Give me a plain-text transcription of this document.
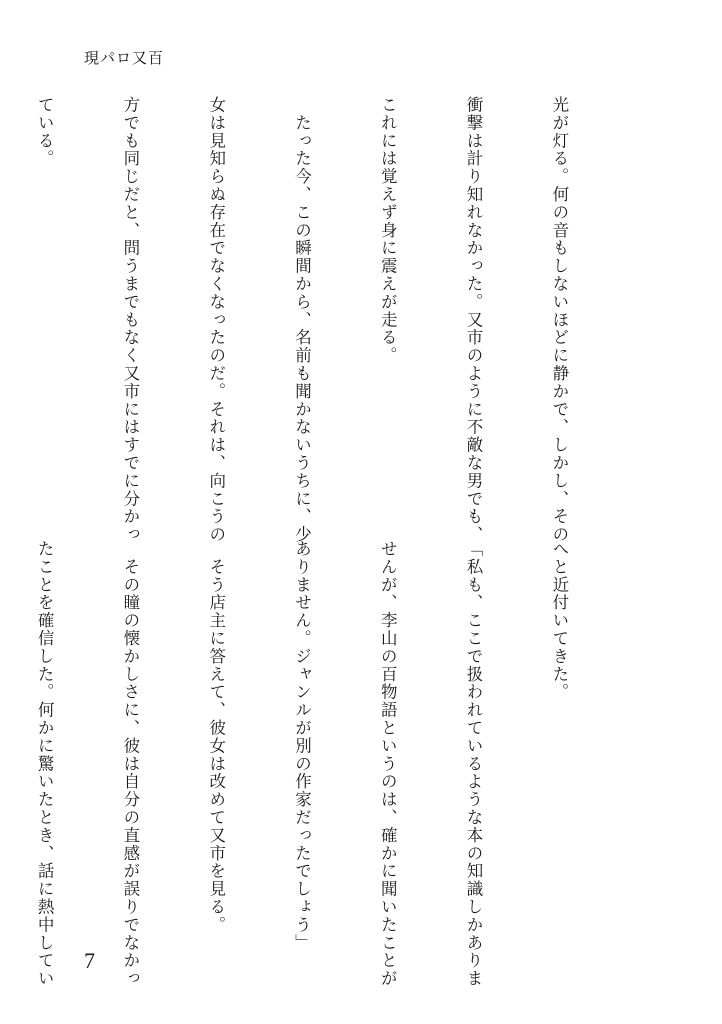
現パロ又百

光が灯る。何の音もしないほどに静かで、しかし、その

衝撃は計り知れなかった。又市のように不敵な男でも、

これには覚えず身に震えが走る。

　たった今、この瞬間から、名前も聞かないうちに、少

女は見知らぬ存在でなくなったのだ。それは、向こうの

方でも同じだと、問うまでもなく又市にはすでに分かっ

ている。

へと近付いてきた。

「私も、ここで扱われているような本の知識しかありま

せんが、李山の百物語というのは、確かに聞いたことが

ありません。ジャンルが別の作家だったでしょう」

　そう店主に答えて、彼女は改めて又市を見る。

　その瞳の懐かしさに、彼は自分の直感が誤りでなかっ

たことを確信した。何かに驚いたとき、話に熱中してい

7
